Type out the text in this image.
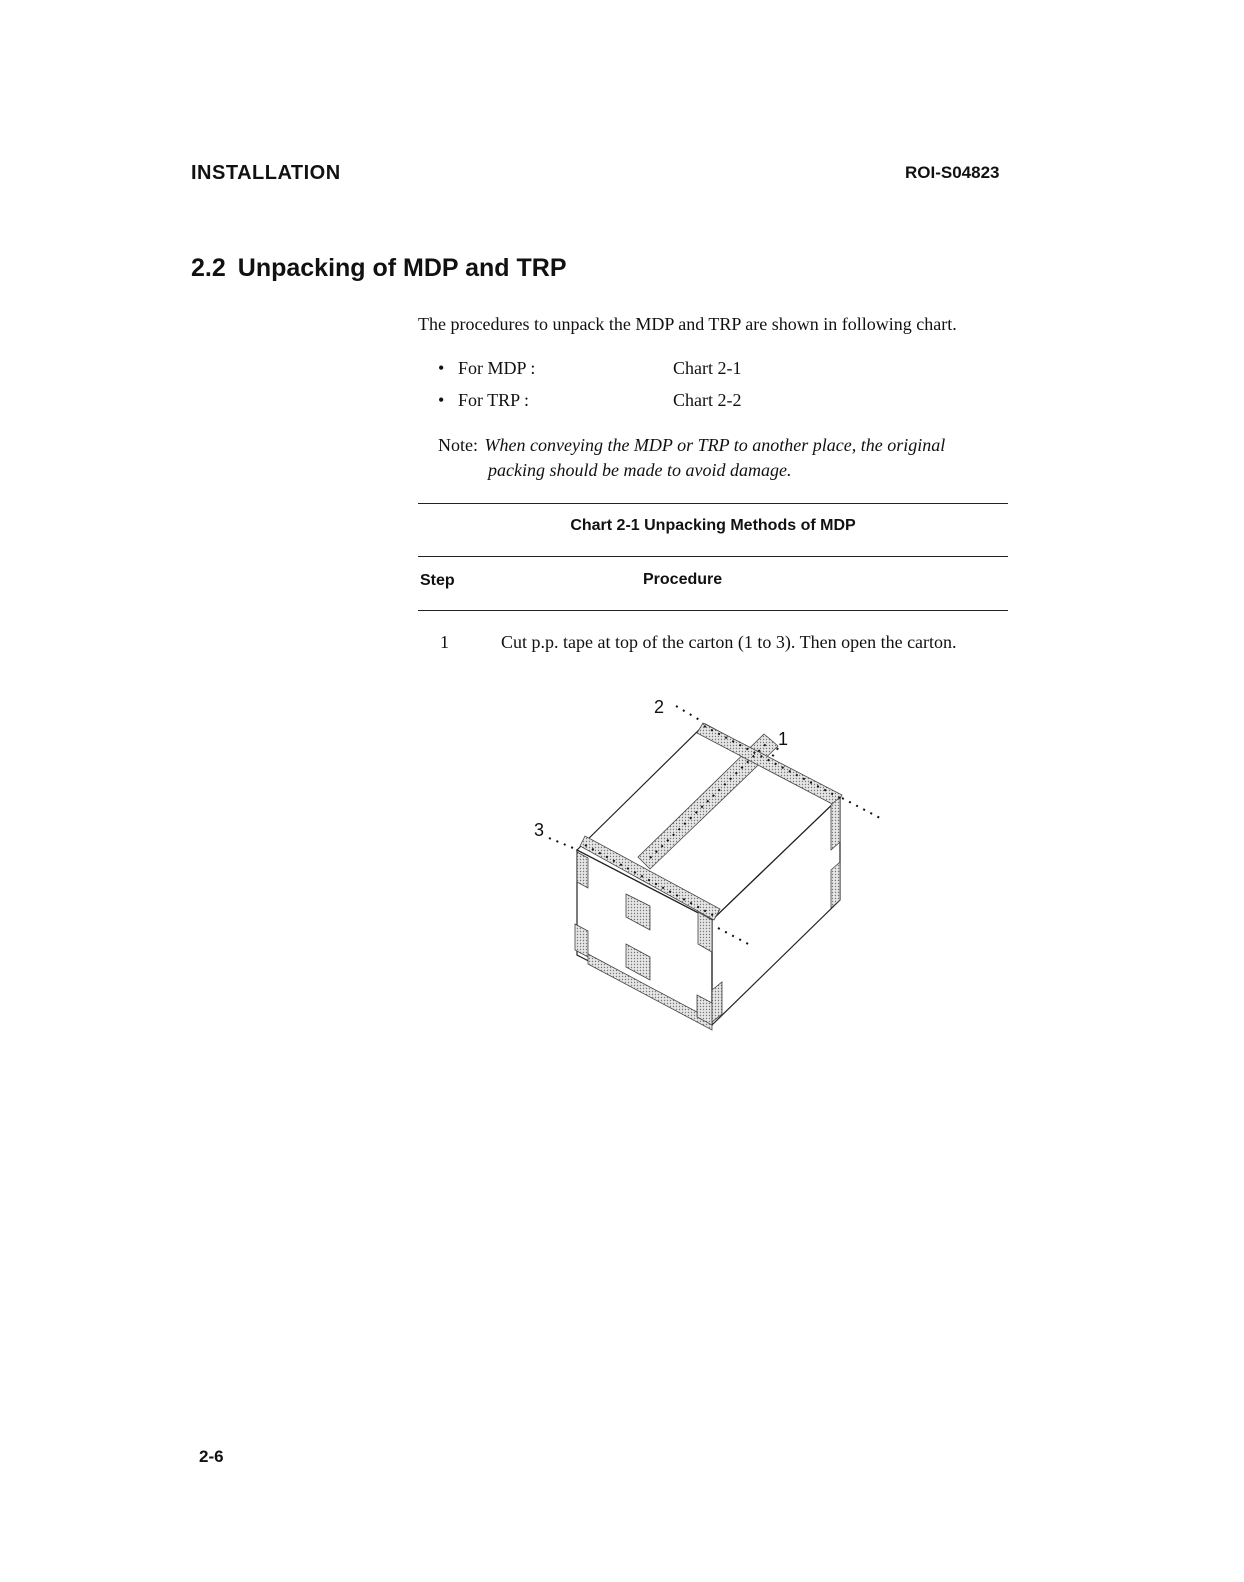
INSTALLATION	ROI-S04823
2.2 Unpacking of MDP and TRP
The procedures to unpack the MDP and TRP are shown in following chart.
• For MDP :	Chart 2-1
• For TRP :	Chart 2-2
Note: When conveying the MDP or TRP to another place, the original
packing should be made to avoid damage.
Chart 2-1 Unpacking Methods of MDP
Step	Procedure
1	Cut p.p. tape at top of the carton (1 to 3). Then open the carton.
2
1
3
2-6
